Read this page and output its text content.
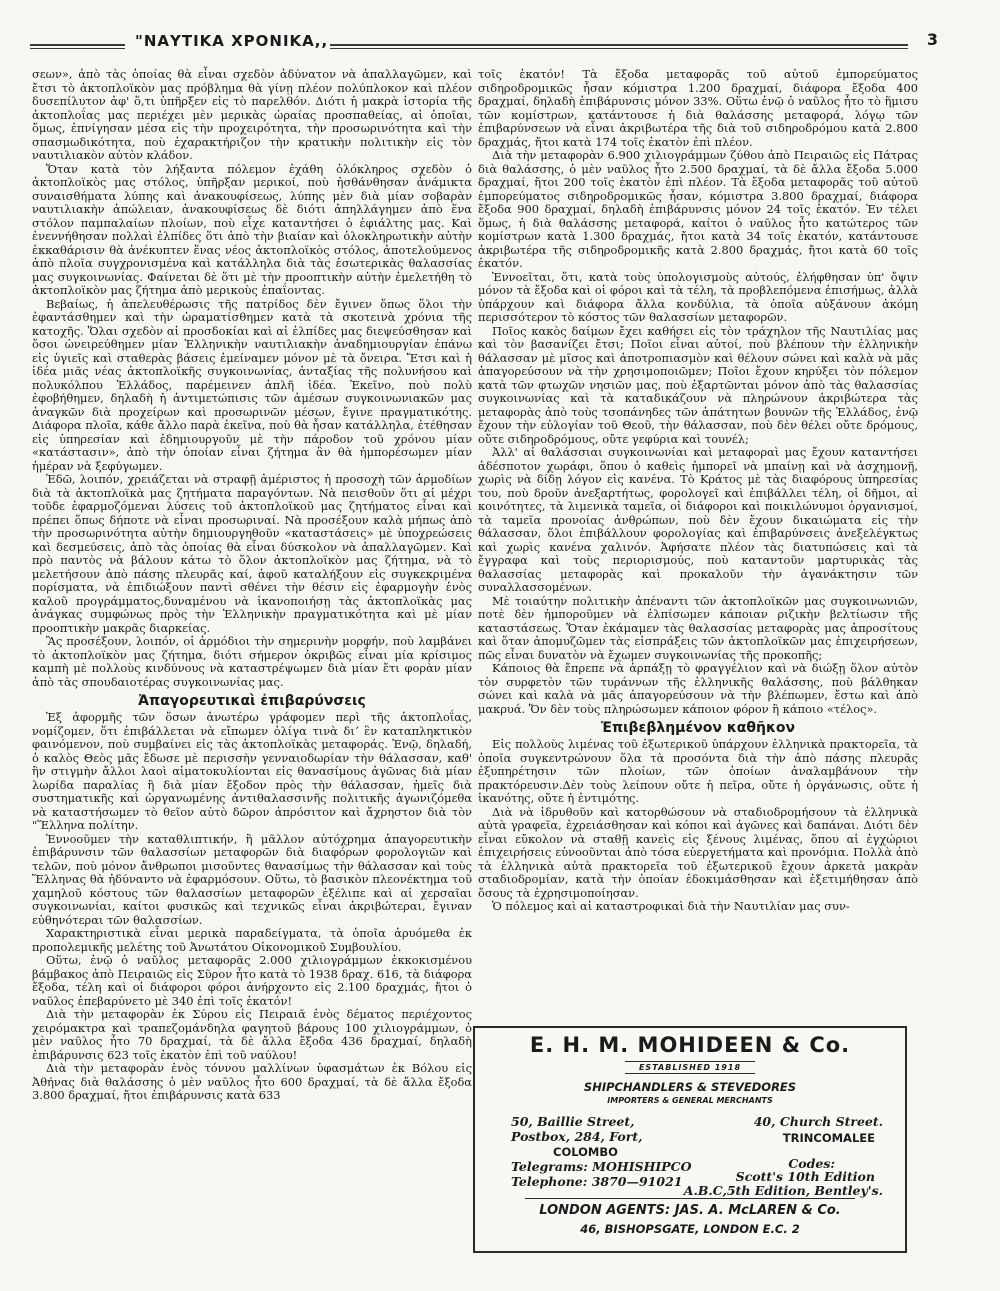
"ΝΑΥΤΙΚΑ ΧΡΟΝΙΚΑ,,	3

σεων», ἀπὸ τὰς ὁποίας θὰ εἶναι σχεδὸν ἀδύνατον νὰ ἀπαλλαγῶμεν, καὶ ἔτσι τὸ ἀκτοπλοϊκὸν μας πρόβλημα θὰ γίνῃ πλέον πολύπλοκον καὶ πλέον δυσεπίλυτον ἀφ' ὅ,τι ὑπῆρξεν εἰς τὸ παρελθόν. Διότι ἡ μακρὰ ἱστορία τῆς ἀκτοπλοΐας μας περιέχει μὲν μερικὰς ὡραίας προσπαθείας, αἱ ὁποῖαι, ὅμως, ἐπνίγησαν μέσα εἰς τὴν προχειρότητα, τὴν προσωρινότητα καὶ τὴν σπασμωδικότητα, ποὺ ἐχαρακτήριζον τὴν κρατικὴν πολιτικὴν εἰς τὸν ναυτιλιακὸν αὐτὸν κλάδον.

Ὅταν κατὰ τὸν λήξαντα πόλεμον ἐχάθη ὁλόκληρος σχεδὸν ὁ ἀκτοπλοϊκὸς μας στόλος, ὑπῆρξαν μερικοί, ποὺ ἠσθάνθησαν ἀνάμικτα συναισθήματα λύπης καὶ ἀνακουφίσεως, λύπης μὲν διὰ μίαν σοβαρὰν ναυτιλιακὴν ἀπώλειαν, ἀνακουφίσεως δὲ διότι ἀπηλλάγημεν ἀπὸ ἕνα στόλον παμπαλαίων πλοίων, ποὺ εἶχε καταντήσει ὁ ἐφιάλτης μας. Καὶ ἐνεννήθησαν πολλαὶ ἐλπίδες ὅτι ἀπὸ τὴν βιαίαν καὶ ὁλοκληρωτικὴν αὐτὴν ἐκκαθάρισιν θὰ ἀνέκυπτεν ἕνας νέος ἀκτοπλοϊκὸς στόλος, ἀποτελούμενος ἀπὸ πλοῖα συγχρονισμένα καὶ κατάλληλα διὰ τὰς ἐσωτερικὰς θαλασσίας μας συγκοινωνίας. Φαίνεται δὲ ὅτι μὲ τὴν προοπτικὴν αὐτὴν ἐμελετήθη τὸ ἀκτοπλοϊκὸν μας ζήτημα ἀπὸ μερικοὺς ἐπαΐοντας.

Βεβαίως, ἡ ἀπελευθέρωσις τῆς πατρίδος δὲν ἔγινεν ὅπως ὅλοι τὴν ἐφαντάσθημεν καὶ τὴν ὡραματίσθημεν κατὰ τὰ σκοτεινὰ χρόνια τῆς κατοχῆς. Ὅλαι σχεδὸν αἱ προσδοκίαι καὶ αἱ ἐλπίδες μας διεψεύσθησαν καὶ ὅσοι ὠνειρεύθημεν μίαν Ἑλληνικὴν ναυτιλιακὴν ἀναδημιουργίαν ἐπάνω εἰς ὑγιεῖς καὶ σταθερὰς βάσεις ἐμείναμεν μόνον μὲ τὰ ὄνειρα. Ἔτσι καὶ ἡ ἰδέα μιᾶς νέας ἀκτοπλοϊκῆς συγκοινωνίας, ἀνταξίας τῆς πολυνήσου καὶ πολυκόλπου Ἑλλάδος, παρέμεινεν ἁπλῆ ἰδέα. Ἐκεῖνο, ποὺ πολὺ ἐφοβήθημεν, δηλαδὴ ἡ ἀντιμετώπισις τῶν ἀμέσων συγκοινωνιακῶν μας ἀναγκῶν διὰ προχείρων καὶ προσωρινῶν μέσων, ἔγινε πραγματικότης. Διάφορα πλοῖα, κάθε ἄλλο παρὰ ἐκεῖνα, ποὺ θὰ ἦσαν κατάλληλα, ἐτέθησαν εἰς ὑπηρεσίαν καὶ ἐδημιουργοῦν μὲ τὴν πάροδον τοῦ χρόνου μίαν «κατάστασιν», ἀπὸ τὴν ὁποίαν εἶναι ζήτημα ἂν θὰ ἠμπορέσωμεν μίαν ἡμέραν νὰ ξεφύγωμεν.

Ἐδῶ, λοιπόν, χρειάζεται νὰ στραφῇ ἀμέριστος ἡ προσοχὴ τῶν ἁρμοδίων διὰ τὰ ἀκτοπλοϊκὰ μας ζητήματα παραγόντων. Νὰ πεισθοῦν ὅτι αἱ μέχρι τοῦδε ἐφαρμοζόμεναι λύσεις τοῦ ἀκτοπλοϊκοῦ μας ζητήματος εἶναι καὶ πρέπει ὅπως δήποτε νὰ εἶναι προσωριναί. Νὰ προσέξουν καλὰ μήπως ἀπὸ τὴν προσωρινότητα αὐτὴν δημιουργηθοῦν «καταστάσεις» μὲ ὑποχρεώσεις καὶ δεσμεύσεις, ἀπὸ τὰς ὁποίας θὰ εἶναι δύσκολον νὰ ἀπαλλαγῶμεν. Καὶ πρὸ παντὸς νὰ βάλουν κάτω τὸ ὅλον ἀκτοπλοϊκὸν μας ζήτημα, νὰ τὸ μελετήσουν ἀπὸ πάσης πλευρᾶς καί, ἀφοῦ καταλήξουν εἰς συγκεκριμένα πορίσματα, νὰ ἐπιδιώξουν παντὶ σθένει τὴν θέσιν εἰς ἐφαρμογὴν ἑνὸς καλοῦ προγράμματος,δυναμένου νὰ ἱκανοποιήσῃ τὰς ἀκτοπλοϊκὰς μας ἀνάγκας συμφώνως πρὸς τὴν Ἑλληνικὴν πραγματικότητα καὶ μὲ μίαν προοπτικὴν μακρᾶς διαρκείας.

Ἂς προσέξουν, λοιπόν, οἱ ἁρμόδιοι τὴν σημερινὴν μορφήν, ποὺ λαμβάνει τὸ ἀκτοπλοϊκὸν μας ζήτημα, διότι σήμερον ὁκριβῶς εἶναι μία κρίσιμος καμπὴ μὲ πολλοὺς κινδύνους νὰ καταστρέψωμεν διὰ μίαν ἔτι φορὰν μίαν ἀπὸ τὰς σπουδαιοτέρας συγκοινωνίας μας.

Ἀπαγορευτικαὶ ἐπιβαρύνσεις

Ἐξ ἀφορμῆς τῶν ὅσων ἀνωτέρω γράφομεν περὶ τῆς ἀκτοπλοΐας, νομίζομεν, ὅτι ἐπιβάλλεται νὰ εἴπωμεν ὀλίγα τινὰ διʼ ἓν καταπληκτικὸν φαινόμενον, ποὺ συμβαίνει εἰς τὰς ἀκτοπλοϊκὰς μεταφοράς. Ἐνῷ, δηλαδή, ὁ καλὸς Θεὸς μᾶς ἔδωσε μὲ περισσὴν γενναιοδωρίαν τὴν θάλασσαν, καθ' ἣν στιγμὴν ἄλλοι λαοὶ αἱματοκυλίονται εἰς θανασίμους ἀγῶνας διὰ μίαν λωρίδα παραλίας ἢ διὰ μίαν ἔξοδον πρὸς τὴν θάλασσαν, ἡμεῖς διὰ συστηματικῆς καὶ ὠργανωμένης ἀντιθαλασσινῆς πολιτικῆς ἀγωνιζόμεθα νὰ καταστήσωμεν τὸ θεῖον αὐτὸ δῶρον ἀπρόσιτον καὶ ἄχρηστον διὰ τὸν "Ἕλληνα πολίτην.

Ἐννοοῦμεν τὴν καταθλιπτικήν, ἢ μᾶλλον αὐτόχρημα ἀπαγορευτικὴν ἐπιβάρυνσιν τῶν θαλασσίων μεταφορῶν διὰ διαφόρων φορολογιῶν καὶ τελῶν, ποὺ μόνον ἄνθρωποι μισοῦντες θανασίμως τὴν θάλασσαν καὶ τοὺς Ἕλληνας θὰ ἠδύναντο νὰ ἐφαρμόσουν. Οὕτω, τὸ βασικὸν πλεονέκτημα τοῦ χαμηλοῦ κόστους τῶν θαλασσίων μεταφορῶν ἐξέλιπε καὶ αἱ χερσαῖαι συγκοινωνίαι, καίτοι φυσικῶς καὶ τεχνικῶς εἶναι ἀκριβώτεραι, ἔγιναν εὐθηνότεραι τῶν θαλασσίων.

Χαρακτηριστικὰ εἶναι μερικὰ παραδείγματα, τὰ ὁποῖα ἀρυόμεθα ἐκ προπολεμικῆς μελέτης τοῦ Ἀνωτάτου Οἰκονομικοῦ Συμβουλίου.

Οὕτω, ἐνῷ ὁ ναῦλος μεταφορᾶς 2.000 χιλιογράμμων ἐκκοκισμένου βάμβακος ἀπὸ Πειραιῶς εἰς Σῦρον ἦτο κατὰ τὸ 1938 δραχ. 616, τὰ διάφορα ἔξοδα, τέλη καὶ οἱ διάφοροι φόροι ἀνήρχοντο εἰς 2.100 δραχμάς, ἤτοι ὁ ναῦλος ἐπεβαρύνετο μὲ 340 ἐπὶ τοῖς ἑκατόν!

Διὰ τὴν μεταφορὰν ἐκ Σύρου εἰς Πειραιᾶ ἑνὸς δέματος περιέχοντος χειρόμακτρα καὶ τραπεζομάνδηλα φαγητοῦ βάρους 100 χιλιογράμμων, ὁ μὲν ναῦλος ἦτο 70 δραχμαί, τὰ δὲ ἄλλα ἔξοδα 436 δραχμαί, δηλαδὴ ἐπιβάρυνσις 623 τοῖς ἑκατὸν ἐπὶ τοῦ ναύλου!

Διὰ τὴν μεταφορὰν ἑνὸς τόννου μαλλίνων ὑφασμάτων ἐκ Βόλου εἰς Ἀθήνας διὰ θαλάσσης ὁ μὲν ναῦλος ἦτο 600 δραχμαί, τὰ δὲ ἄλλα ἔξοδα 3.800 δραχμαί, ἤτοι ἐπιβάρυνσις κατὰ 633

τοῖς ἑκατόν! Τὰ ἔξοδα μεταφορᾶς τοῦ αὐτοῦ ἐμπορεύματος σιδηροδρομικῶς ἦσαν κόμιστρα 1.200 δραχμαί, διάφορα ἔξοδα 400 δραχμαί, δηλαδὴ ἐπιβάρυνσις μόνον 33%. Οὕτω ἐνῷ ὁ ναῦλος ἦτο τὸ ἥμισυ τῶν κομίστρων, κατάντουσε ἡ διὰ θαλάσσης μεταφορά, λόγῳ τῶν ἐπιβαρύνσεων νὰ εἶναι ἀκριβωτέρα τῆς διὰ τοῦ σιδηροδρόμου κατὰ 2.800 δραχμάς, ἤτοι κατὰ 174 τοῖς ἑκατὸν ἐπὶ πλέον.

Διὰ τὴν μεταφορὰν 6.900 χιλιογράμμων ζύθου ἀπὸ Πειραιῶς εἰς Πάτρας διὰ θαλάσσης, ὁ μὲν ναῦλος ἦτο 2.500 δραχμαί, τὰ δὲ ἄλλα ἔξοδα 5.000 δραχμαί, ἤτοι 200 τοῖς ἑκατὸν ἐπὶ πλέον. Τὰ ἔξοδα μεταφορᾶς τοῦ αὐτοῦ ἐμπορεύματος σιδηροδρομικῶς ἦσαν, κόμιστρα 3.800 δραχμαί, διάφορα ἔξοδα 900 δραχμαί, δηλαδὴ ἐπιβάρυνσις μόνον 24 τοῖς ἑκατόν. Ἐν τέλει ὅμως, ἡ διὰ θαλάσσης μεταφορά, καίτοι ὁ ναῦλος ἦτο κατώτερος τῶν κομίστρων κατὰ 1.300 δραχμάς, ἤτοι κατὰ 34 τοῖς ἑκατόν, κατάντουσε ἀκριβωτέρα τῆς σιδηροδρομικῆς κατὰ 2.800 δραχμάς, ἤτοι κατὰ 60 τοῖς ἑκατόν.

Ἐννοεῖται, ὅτι, κατὰ τοὺς ὑπολογισμοὺς αὐτούς, ἐλήφθησαν ὑπ' ὄψιν μόνον τὰ ἔξοδα καὶ οἱ φόροι καὶ τὰ τέλη, τὰ προβλεπόμενα ἐπισήμως, ἀλλὰ ὑπάρχουν καὶ διάφορα ἄλλα κονδύλια, τὰ ὁποῖα αὐξάνουν ἀκόμη περισσότερον τὸ κόστος τῶν θαλασσίων μεταφορῶν.

Ποῖος κακὸς δαίμων ἔχει καθήσει εἰς τὸν τράχηλον τῆς Ναυτιλίας μας καὶ τὸν βασανίζει ἔτσι; Ποῖοι εἶναι αὐτοί, ποὺ βλέπουν τὴν ἑλληνικὴν θάλασσαν μὲ μῖσος καὶ ἀποτροπιασμὸν καὶ θέλουν σώνει καὶ καλὰ νὰ μᾶς ἀπαγορεύσουν νὰ τὴν χρησιμοποιῶμεν; Ποῖοι ἔχουν κηρύξει τὸν πόλεμον κατὰ τῶν φτωχῶν νησιῶν μας, ποὺ ἐξαρτῶνται μόνον ἀπὸ τὰς θαλασσίας συγκοινωνίας καὶ τὰ καταδικάζουν νὰ πληρώνουν ἀκριβώτερα τὰς μεταφορὰς ἀπὸ τοὺς τσοπάνηδες τῶν ἀπάτητων βουνῶν τῆς Ἑλλάδος, ἐνῷ ἔχουν τὴν εὐλογίαν τοῦ Θεοῦ, τὴν θάλασσαν, ποὺ δὲν θέλει οὔτε δρόμους, οὔτε σιδηροδρόμους, οὔτε γεφύρια καὶ τουνέλ;

Ἀλλ' αἱ θαλάσσιαι συγκοινωνίαι καὶ μεταφοραὶ μας ἔχουν καταντήσει ἀδέσποτον χωράφι, ὅπου ὁ καθεὶς ἠμπορεῖ νὰ μπαίνῃ καὶ νὰ ἀσχημονῇ, χωρὶς νὰ δίδῃ λόγον εἰς κανένα. Τὸ Κράτος μὲ τὰς διαφόρους ὑπηρεσίας του, ποὺ δροῦν ἀνεξαρτήτως, φορολογεῖ καὶ ἐπιβάλλει τέλη, οἱ δῆμοι, αἱ κοινότητες, τὰ λιμενικὰ ταμεῖα, οἱ διάφοροι καὶ ποικιλώνυμοι ὀργανισμοί, τὰ ταμεῖα προνοίας ἀνθρώπων, ποὺ δὲν ἔχουν δικαιώματα εἰς τὴν θάλασσαν, ὅλοι ἐπιβάλλουν φορολογίας καὶ ἐπιβαρύνσεις ἀνεξελέγκτως καὶ χωρὶς κανένα χαλινόν. Ἀφήσατε πλέον τὰς διατυπώσεις καὶ τὰ ἔγγραφα καὶ τοὺς περιορισμούς, ποὺ καταντοῦν μαρτυρικὰς τὰς θαλασσίας μεταφορὰς καὶ προκαλοῦν τὴν ἀγανάκτησιν τῶν συναλλασσομένων.

Μὲ τοιαύτην πολιτικὴν ἀπέναντι τῶν ἀκτοπλοϊκῶν μας συγκοινωνιῶν, ποτὲ δὲν ἠμποροῦμεν νὰ ἐλπίσωμεν κάποιαν ριζικὴν βελτίωσιν τῆς καταστάσεως. Ὅταν ἐκάμαμεν τὰς θαλασσίας μεταφορὰς μας ἀπροσίτους καὶ ὅταν ἀπομυζῶμεν τὰς εἰσπράξεις τῶν ἀκτοπλοϊκῶν μας ἐπιχειρήσεων, πῶς εἶναι δυνατὸν νὰ ἔχωμεν συγκοινωνίας τῆς προκοπῆς;

Κάποιος θὰ ἔπρεπε νὰ ἁρπάξῃ τὸ φραγγέλιον καὶ νὰ διώξῃ ὅλον αὐτὸν τὸν συρφετὸν τῶν τυράννων τῆς ἑλληνικῆς θαλάσσης, ποὺ βάλθηκαν σώνει καὶ καλὰ νὰ μᾶς ἀπαγορεύσουν νὰ τὴν βλέπωμεν, ἔστω καὶ ἀπὸ μακρυά. Ὅν δὲν τοὺς πληρώσωμεν κάποιον φόρον ἢ κάποιο «τέλος».

Ἐπιβεβλημένον καθῆκον

Εἰς πολλοὺς λιμένας τοῦ ἐξωτερικοῦ ὑπάρχουν ἑλληνικὰ πρακτορεῖα, τὰ ὁποῖα συγκεντρώνουν ὅλα τὰ προσόντα διὰ τὴν ἀπὸ πάσης πλευρᾶς ἐξυπηρέτησιν τῶν πλοίων, τῶν ὁποίων ἀναλαμβάνουν τὴν πρακτόρευσιν.Δὲν τοὺς λείπουν οὔτε ἡ πεῖρα, οὔτε ἡ ὀργάνωσις, οὔτε ἡ ἱκανότης, οὔτε ἡ ἐντιμότης.

Διὰ νὰ ἱδρυθοῦν καὶ κατορθώσουν νὰ σταδιοδρομήσουν τὰ ἑλληνικὰ αὐτὰ γραφεῖα, ἐχρειάσθησαν καὶ κόποι καὶ ἀγῶνες καὶ δαπάναι. Διότι δὲν εἶναι εὔκολον νὰ σταθῇ κανεὶς εἰς ξένους λιμένας, ὅπου αἱ ἐγχώριοι ἐπιχειρήσεις εὐνοοῦνται ἀπὸ τόσα εὐεργετήματα καὶ προνόμια. Πολλὰ ἀπὸ τὰ ἑλληνικὰ αὐτὰ πρακτορεῖα τοῦ ἐξωτερικοῦ ἔχουν ἀρκετὰ μακρὰν σταδιοδρομίαν, κατὰ τὴν ὁποίαν ἐδοκιμάσθησαν καὶ ἐξετιμήθησαν ἀπὸ ὅσους τὰ ἐχρησιμοποίησαν.

Ὁ πόλεμος καὶ αἱ καταστροφικαὶ διὰ τὴν Ναυτιλίαν μας συν-

E. H. M. MOHIDEEN & Co.
ESTABLISHED 1918
SHIPCHANDLERS & STEVEDORES
IMPORTERS & GENERAL MERCHANTS
50, Baillie Street,
Postbox, 284, Fort,
COLOMBO
Telegrams: MOHISHIPCO
Telephone: 3870—91021
40, Church Street.
TRINCOMALEE
Codes:
Scott's 10th Edition
A.B.C,5th Edition, Bentley's.
LONDON AGENTS: JAS. A. McLAREN & Co.
46, BISHOPSGATE, LONDON E.C. 2
